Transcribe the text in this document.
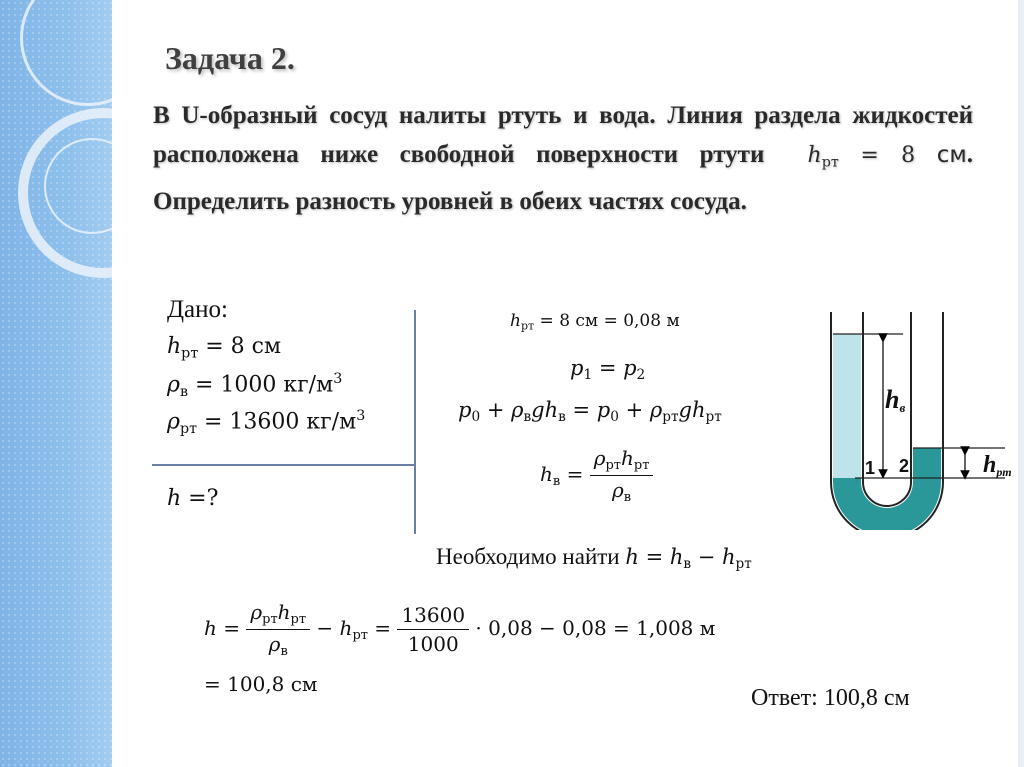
Задача 2.
В U-образный сосуд налиты ртуть и вода. Линия раздела жидкостей расположена ниже свободной поверхности ртути $h_{рт} = 8$ см. Определить разность уровней в обеих частях сосуда.
Дано:
$h_{рт} = 8$ см
$\rho_в = 1000$ $кг/м^3$
$\rho_{рт} = 13600$ $кг/м^3$
h =?
$h_{рт} = 8$ см = 0,08 м
$p_1 = p_2$
$p_0 + \rho_вgh_в = p_0 + \rho_{рт}gh_{рт}$
$h_в = \frac{\rho_{рт}h_{рт}}{\rho_в}$
Необходимо найти $h = h_в - h_{рт}$
$h = \frac{\rho_{рт}h_{рт}}{\rho_в} - h_{рт} = \frac{13600}{1000} \cdot 0,08 - 0,08 = 1,008$ м
= 100,8 см
Ответ: 100,8 см
hв
1 2	hрт
